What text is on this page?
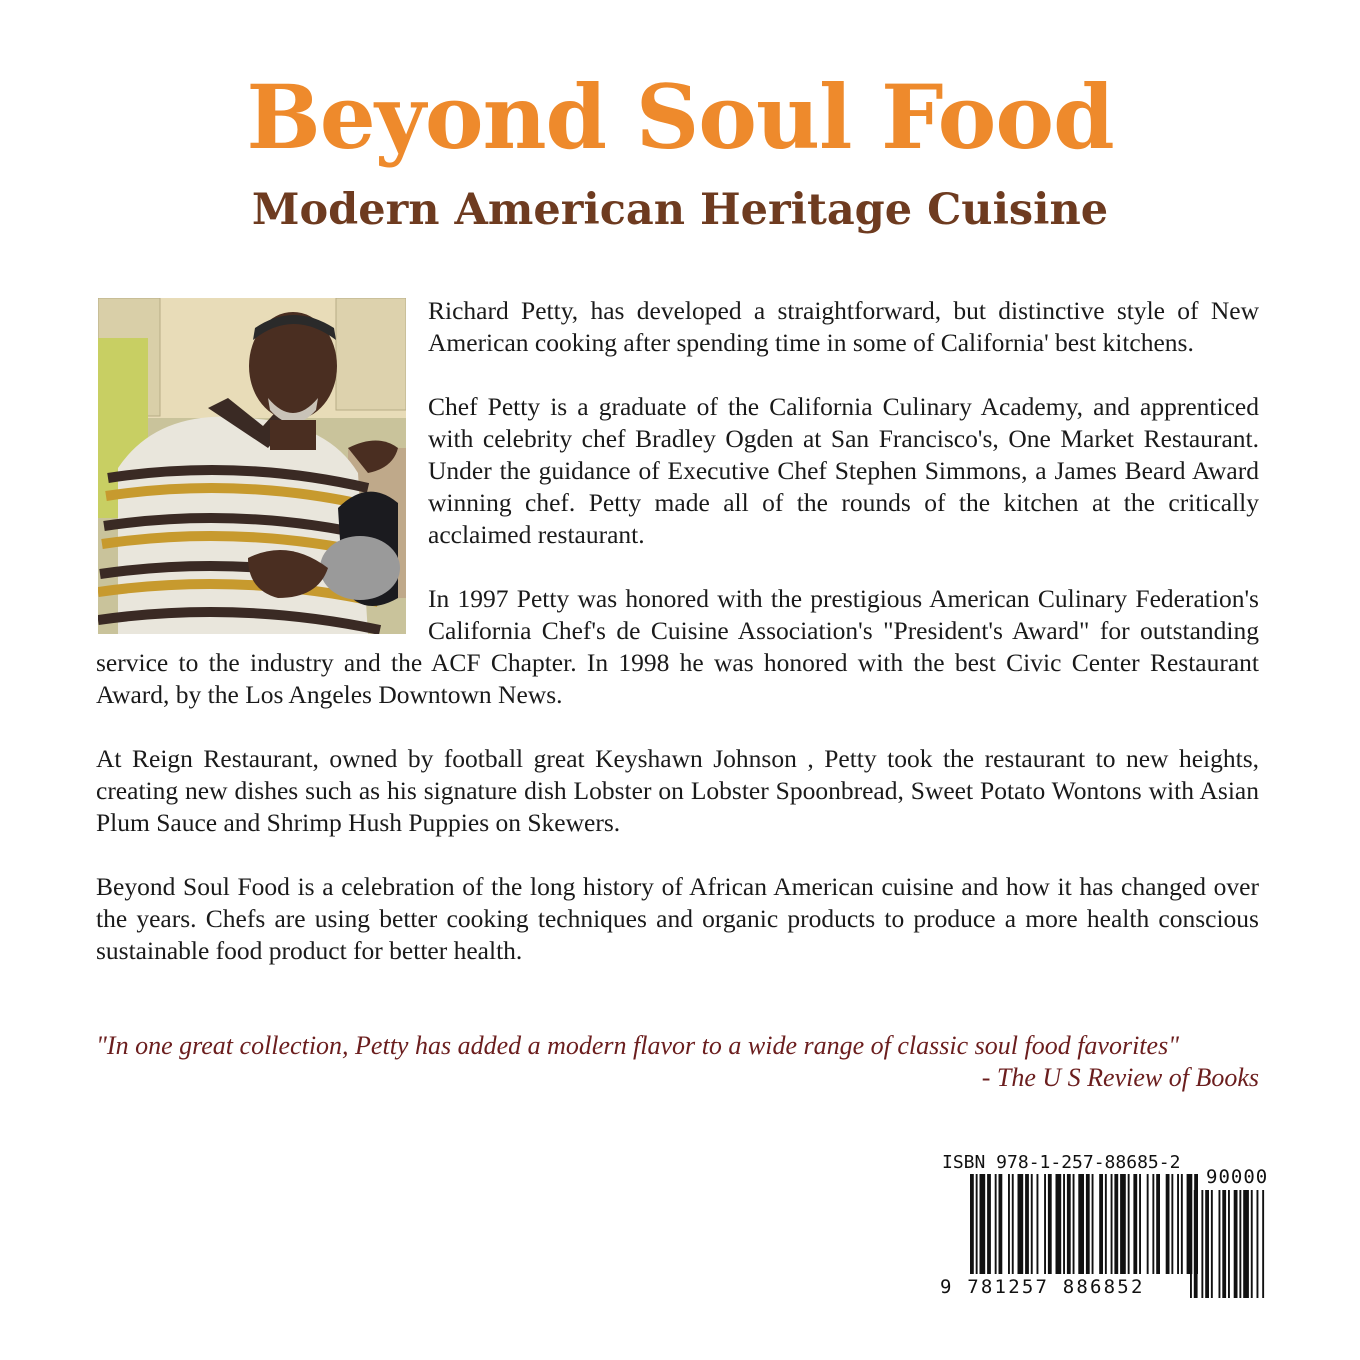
Beyond Soul Food
Modern American Heritage Cuisine

Richard Petty, has developed a straightforward, but distinctive style of New American cooking after spending time in some of California' best kitchens.

Chef Petty is a graduate of the California Culinary Academy, and apprenticed with celebrity chef Bradley Ogden at San Francisco's, One Market Restaurant. Under the guidance of Executive Chef Stephen Simmons, a James Beard Award winning chef. Petty made all of the rounds of the kitchen at the critically acclaimed restaurant.

In 1997 Petty was honored with the prestigious American Culinary Federation's California Chef's de Cuisine Association's "President's Award" for outstanding service to the industry and the ACF Chapter. In 1998 he was honored with the best Civic Center Restaurant Award, by the Los Angeles Downtown News.

At Reign Restaurant, owned by football great Keyshawn Johnson , Petty took the restaurant to new heights, creating new dishes such as his signature dish Lobster on Lobster Spoonbread, Sweet Potato Wontons with Asian Plum Sauce and Shrimp Hush Puppies on Skewers.

Beyond Soul Food is a celebration of the long history of African American cuisine and how it has changed over the years. Chefs are using better cooking techniques and organic products to produce a more health conscious sustainable food product for better health.

"In one great collection, Petty has added a modern flavor to a wide range of classic soul food favorites"
- The U S Review of Books
ISBN 978-1-257-88685-2
90000
9 781257 886852
